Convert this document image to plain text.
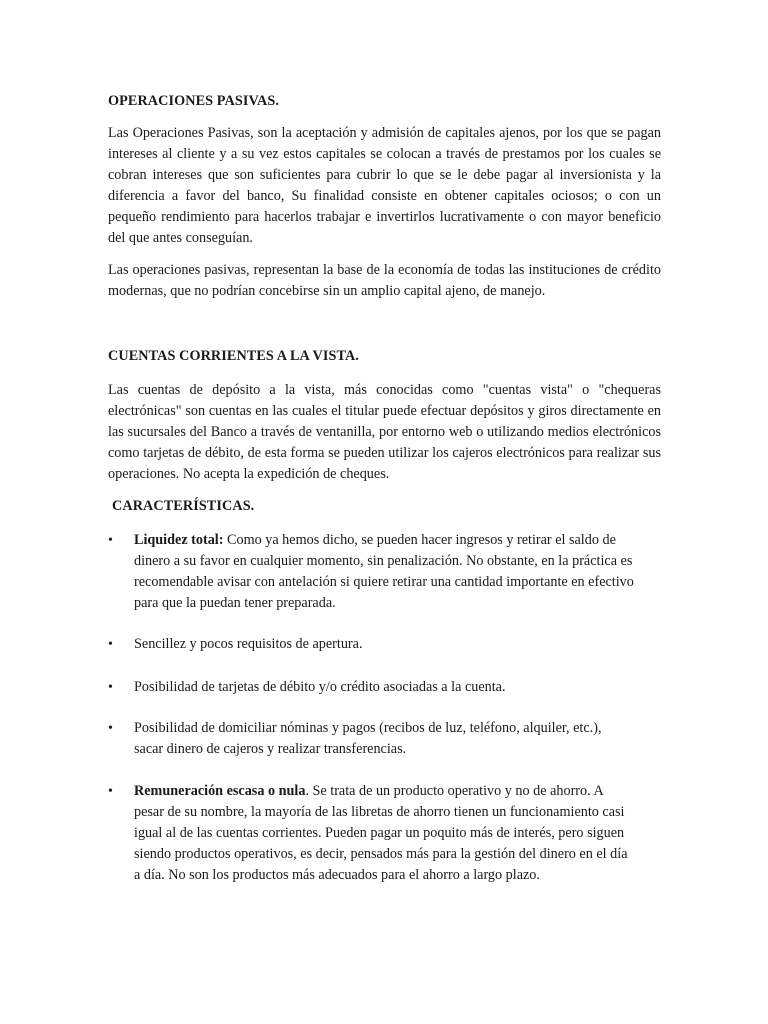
OPERACIONES PASIVAS.

Las Operaciones Pasivas, son la aceptación y admisión de capitales ajenos, por los que se pagan intereses al cliente y a su vez estos capitales se colocan a través de prestamos por los cuales se cobran intereses que son suficientes para cubrir lo que se le debe pagar al inversionista y la diferencia a favor del banco, Su finalidad consiste en obtener capitales ociosos; o con un pequeño rendimiento para hacerlos trabajar e invertirlos lucrativamente o con mayor beneficio del que antes conseguían.

Las operaciones pasivas, representan la base de la economía de todas las instituciones de crédito modernas, que no podrían concebirse sin un amplio capital ajeno, de manejo.

CUENTAS CORRIENTES A LA VISTA.

Las cuentas de depósito a la vista, más conocidas como "cuentas vista" o "chequeras electrónicas" son cuentas en las cuales el titular puede efectuar depósitos y giros directamente en las sucursales del Banco a través de ventanilla, por entorno web o utilizando medios electrónicos como tarjetas de débito, de esta forma se pueden utilizar los cajeros electrónicos para realizar sus operaciones. No acepta la expedición de cheques.

CARACTERÍSTICAS.
•	Liquidez total: Como ya hemos dicho, se pueden hacer ingresos y retirar el saldo de dinero a su favor en cualquier momento, sin penalización. No obstante, en la práctica es recomendable avisar con antelación si quiere retirar una cantidad importante en efectivo para que la puedan tener preparada.
•	Sencillez y pocos requisitos de apertura.
•	Posibilidad de tarjetas de débito y/o crédito asociadas a la cuenta.
•	Posibilidad de domiciliar nóminas y pagos (recibos de luz, teléfono, alquiler, etc.), sacar dinero de cajeros y realizar transferencias.
•	Remuneración escasa o nula. Se trata de un producto operativo y no de ahorro. A pesar de su nombre, la mayoría de las libretas de ahorro tienen un funcionamiento casi igual al de las cuentas corrientes. Pueden pagar un poquito más de interés, pero siguen siendo productos operativos, es decir, pensados más para la gestión del dinero en el día a día. No son los productos más adecuados para el ahorro a largo plazo.
